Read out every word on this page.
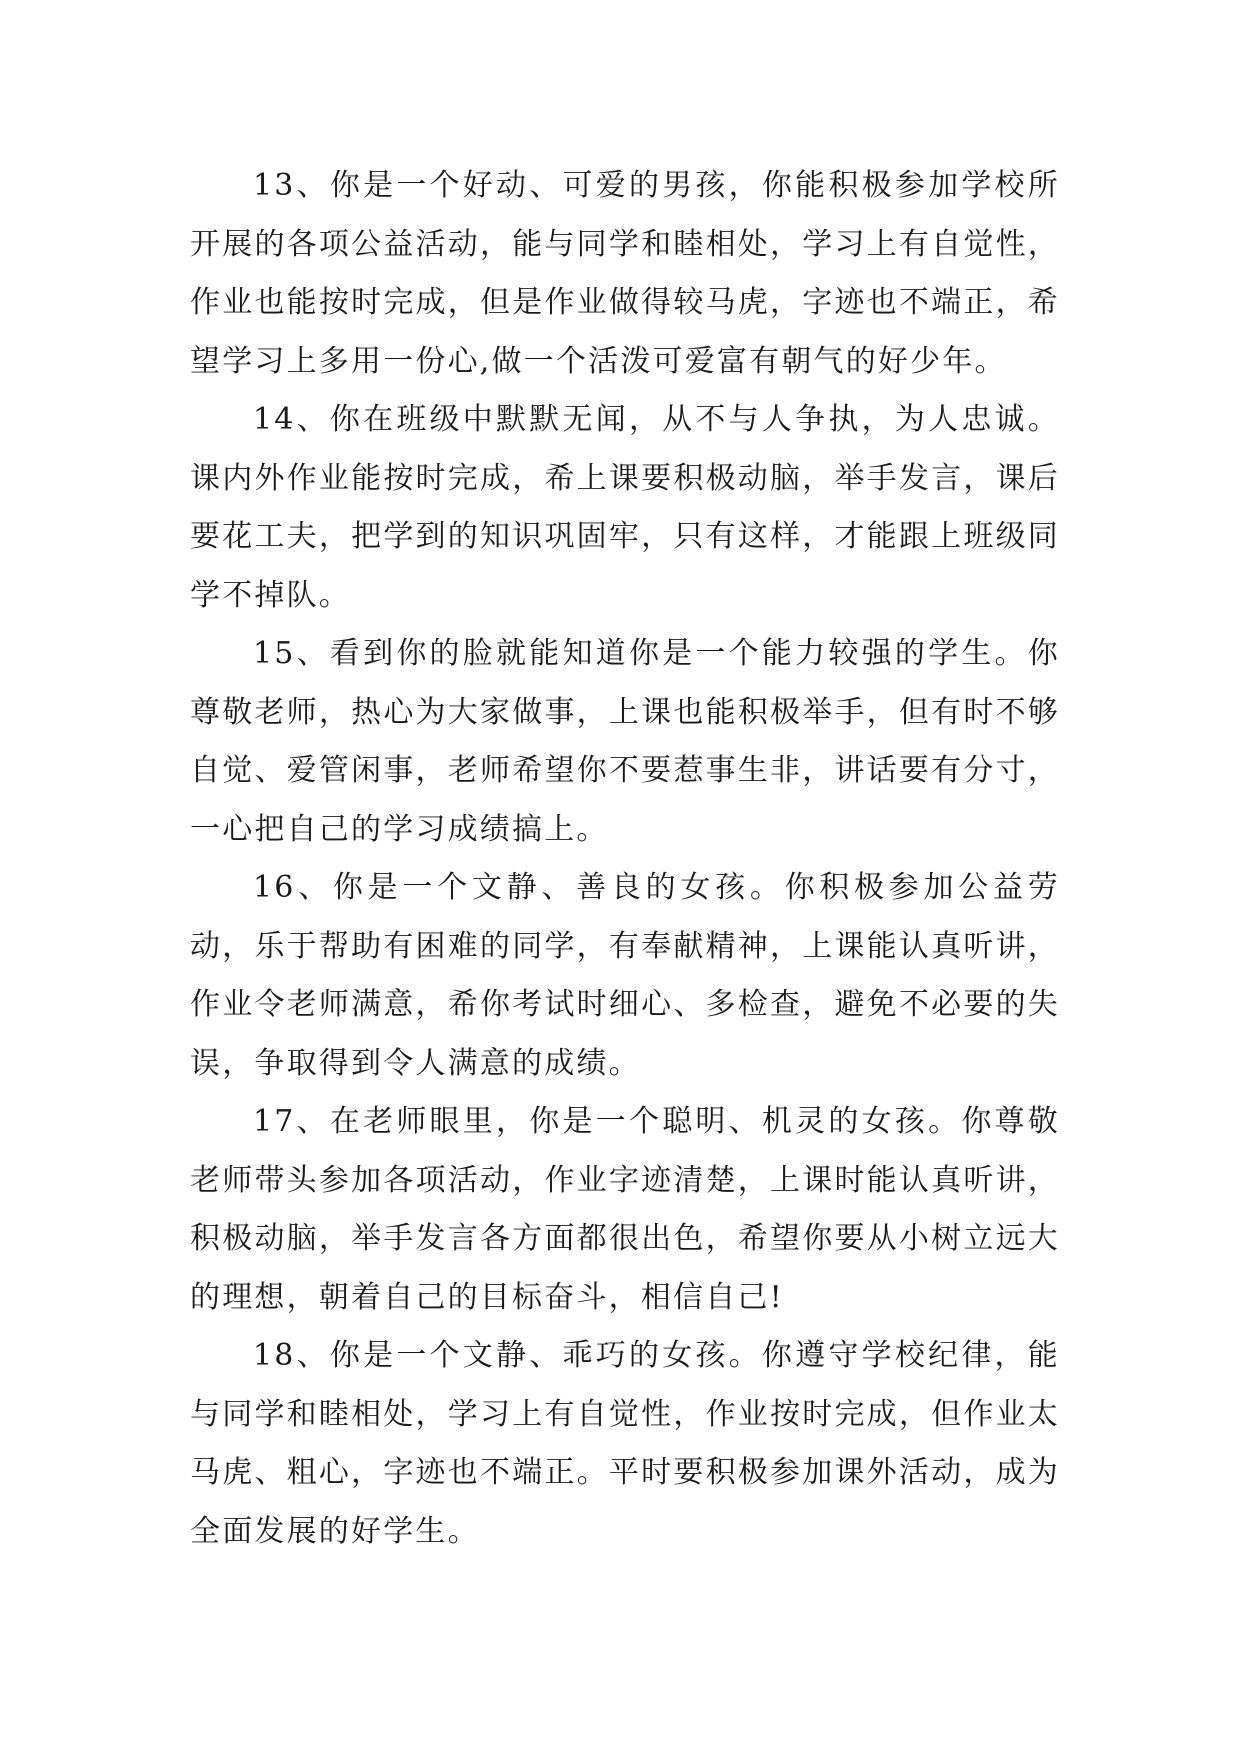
13、你是一个好动、可爱的男孩，你能积极参加学校所开展的各项公益活动，能与同学和睦相处，学习上有自觉性，作业也能按时完成，但是作业做得较马虎，字迹也不端正，希望学习上多用一份心,做一个活泼可爱富有朝气的好少年。

14、你在班级中默默无闻，从不与人争执，为人忠诚。课内外作业能按时完成，希上课要积极动脑，举手发言，课后要花工夫，把学到的知识巩固牢，只有这样，才能跟上班级同学不掉队。

15、看到你的脸就能知道你是一个能力较强的学生。你尊敬老师，热心为大家做事，上课也能积极举手，但有时不够自觉、爱管闲事，老师希望你不要惹事生非，讲话要有分寸，一心把自己的学习成绩搞上。

16、你是一个文静、善良的女孩。你积极参加公益劳动，乐于帮助有困难的同学，有奉献精神，上课能认真听讲，作业令老师满意，希你考试时细心、多检查，避免不必要的失误，争取得到令人满意的成绩。

17、在老师眼里，你是一个聪明、机灵的女孩。你尊敬老师带头参加各项活动，作业字迹清楚，上课时能认真听讲，积极动脑，举手发言各方面都很出色，希望你要从小树立远大的理想，朝着自己的目标奋斗，相信自己!

18、你是一个文静、乖巧的女孩。你遵守学校纪律，能与同学和睦相处，学习上有自觉性，作业按时完成，但作业太马虎、粗心，字迹也不端正。平时要积极参加课外活动，成为全面发展的好学生。
